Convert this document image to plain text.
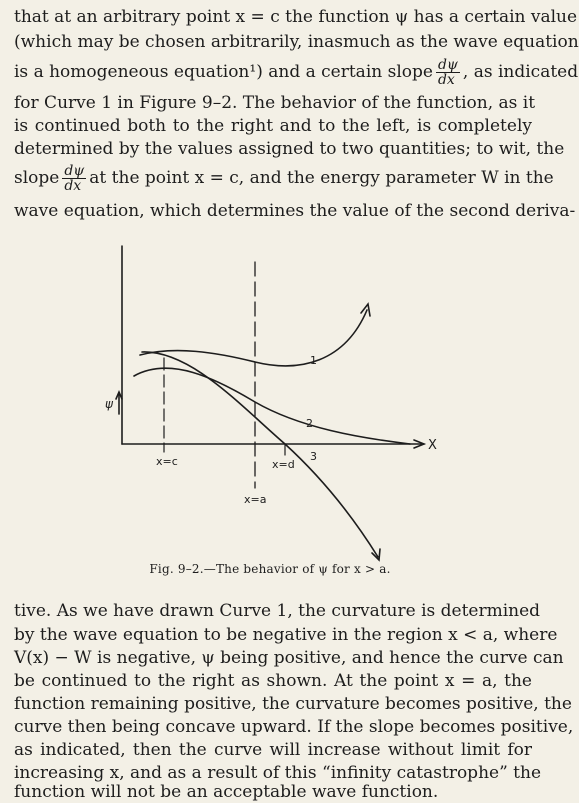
that at an arbitrary point x = c the function ψ has a certain value
(which may be chosen arbitrarily, inasmuch as the wave equation
is a homogeneous equation¹) and a certain slope $\frac{d\psi}{dx}$ , as indicated
for Curve 1 in Figure 9–2. The behavior of the function, as it
is continued both to the right and to the left, is completely
determined by the values assigned to two quantities; to wit, the
slope $\frac{d\psi}{dx}$ at the point x = c, and the energy parameter W in the
wave equation, which determines the value of the second deriva-
ψ
X
1
2
3
x=c	x=d
x=a
Fig. 9–2.—The behavior of ψ for x > a.
tive. As we have drawn Curve 1, the curvature is determined
by the wave equation to be negative in the region x < a, where
V(x) − W is negative, ψ being positive, and hence the curve can
be continued to the right as shown. At the point x = a, the
function remaining positive, the curvature becomes positive, the
curve then being concave upward. If the slope becomes positive,
as indicated, then the curve will increase without limit for
increasing x, and as a result of this “infinity catastrophe” the
function will not be an acceptable wave function.
